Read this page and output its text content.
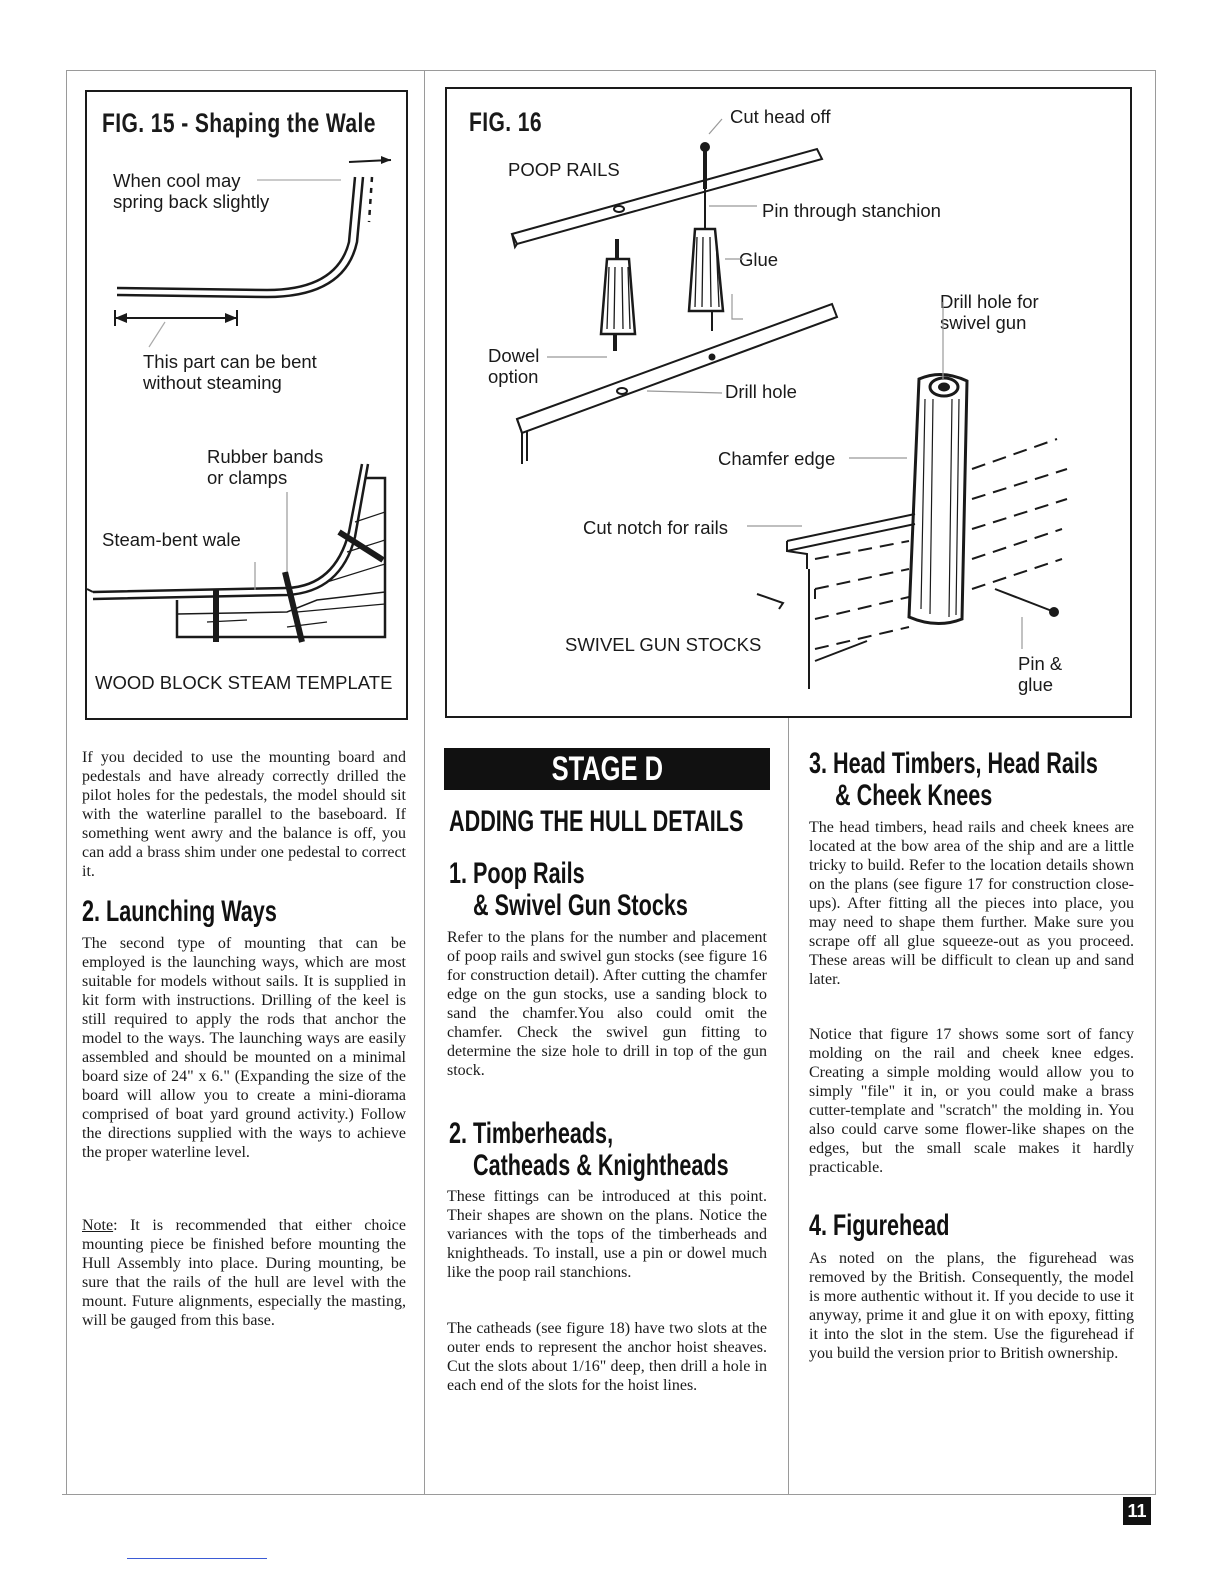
FIG. 15 - Shaping the Wale
When cool may
spring back slightly
This part can be bent
without steaming
Rubber bands
or clamps
Steam-bent wale
WOOD BLOCK STEAM TEMPLATE
FIG. 16	Cut head off
POOP RAILS
Pin through stanchion
Glue
Drill hole for
swivel gun
Dowel
option
Drill hole
Chamfer edge
Cut notch for rails
SWIVEL GUN STOCKS
Pin &
glue

If you decided to use the mounting board and pedestals and have already correctly drilled the pilot holes for the pedestals, the model should sit with the waterline parallel to the baseboard. If something went awry and the balance is off, you can add a brass shim under one pedestal to correct it.

2. Launching Ways

The second type of mounting that can be employed is the launching ways, which are most suitable for models without sails. It is supplied in kit form with instructions. Drilling of the keel is still required to apply the rods that anchor the model to the ways. The launching ways are easily assembled and should be mounted on a minimal board size of 24" x 6." (Expanding the size of the board will allow you to create a mini-diorama comprised of boat yard ground activity.) Follow the directions supplied with the ways to achieve the proper waterline level.

Note: It is recommended that either choice mounting piece be finished before mounting the Hull Assembly into place. During mounting, be sure that the rails of the hull are level with the mount. Future alignments, especially the masting, will be gauged from this base.

STAGE D
ADDING THE HULL DETAILS
1. Poop Rails
& Swivel Gun Stocks

Refer to the plans for the number and placement of poop rails and swivel gun stocks (see figure 16 for construction detail). After cutting the chamfer edge on the gun stocks, use a sanding block to sand the chamfer.You also could omit the chamfer. Check the swivel gun fitting to determine the size hole to drill in top of the gun stock.

2. Timberheads,
Catheads & Knightheads

These fittings can be introduced at this point. Their shapes are shown on the plans. Notice the variances with the tops of the timberheads and knightheads. To install, use a pin or dowel much like the poop rail stanchions.

The catheads (see figure 18) have two slots at the outer ends to represent the anchor hoist sheaves. Cut the slots about 1/16" deep, then drill a hole in each end of the slots for the hoist lines.

3. Head Timbers, Head Rails
& Cheek Knees

The head timbers, head rails and cheek knees are located at the bow area of the ship and are a little tricky to build. Refer to the location details shown on the plans (see figure 17 for construction close-ups). After fitting all the pieces into place, you may need to shape them further. Make sure you scrape off all glue squeeze-out as you proceed. These areas will be difficult to clean up and sand later.

Notice that figure 17 shows some sort of fancy molding on the rail and cheek knee edges. Creating a simple molding would allow you to simply "file" it in, or you could make a brass cutter-template and "scratch" the molding in. You also could carve some flower-like shapes on the edges, but the small scale makes it hardly practicable.

4. Figurehead

As noted on the plans, the figurehead was removed by the British. Consequently, the model is more authentic without it. If you decide to use it anyway, prime it and glue it on with epoxy, fitting it into the slot in the stem. Use the figurehead if you build the version prior to British ownership.

11
